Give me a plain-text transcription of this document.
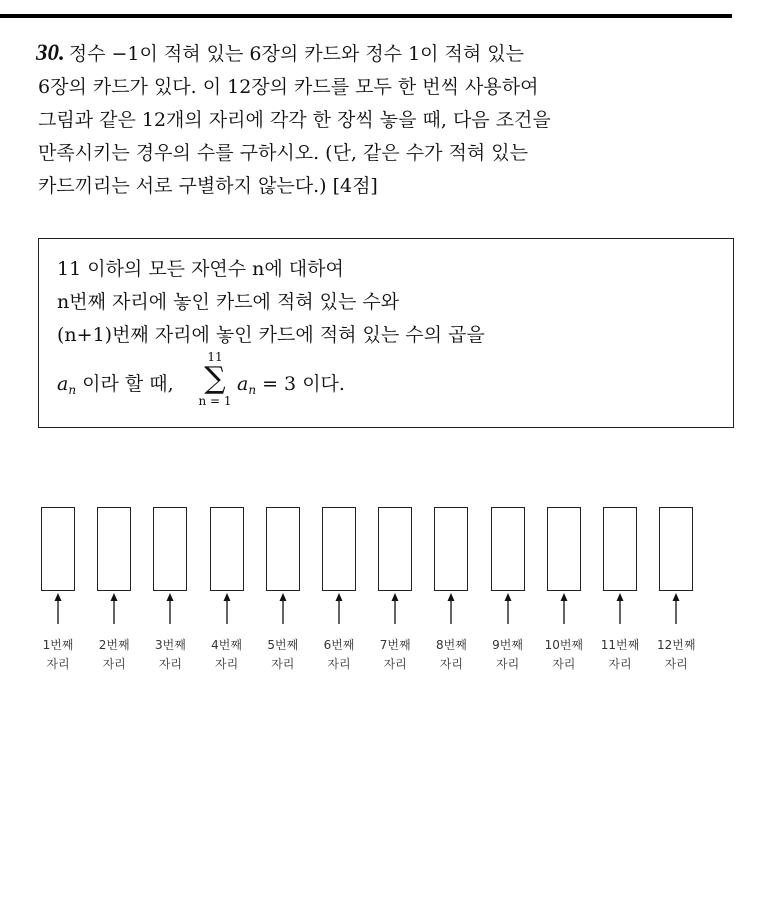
30. 정수 −1이 적혀 있는 6장의 카드와 정수 1이 적혀 있는
6장의 카드가 있다. 이 12장의 카드를 모두 한 번씩 사용하여
그림과 같은 12개의 자리에 각각 한 장씩 놓을 때, 다음 조건을
만족시키는 경우의 수를 구하시오. (단, 같은 수가 적혀 있는
카드끼리는 서로 구별하지 않는다.) [4점]
11 이하의 모든 자연수 n에 대하여
n번째 자리에 놓인 카드에 적혀 있는 수와
(n+1)번째 자리에 놓인 카드에 적혀 있는 수의 곱을
$a_n$ 이라 할 때,
11
∑
n = 1
$a_n = 3$ 이다.
1번째
자리
2번째
자리
3번째
자리
4번째
자리
5번째
자리
6번째
자리
7번째
자리
8번째
자리
9번째
자리
10번째
자리
11번째
자리
12번째
자리
